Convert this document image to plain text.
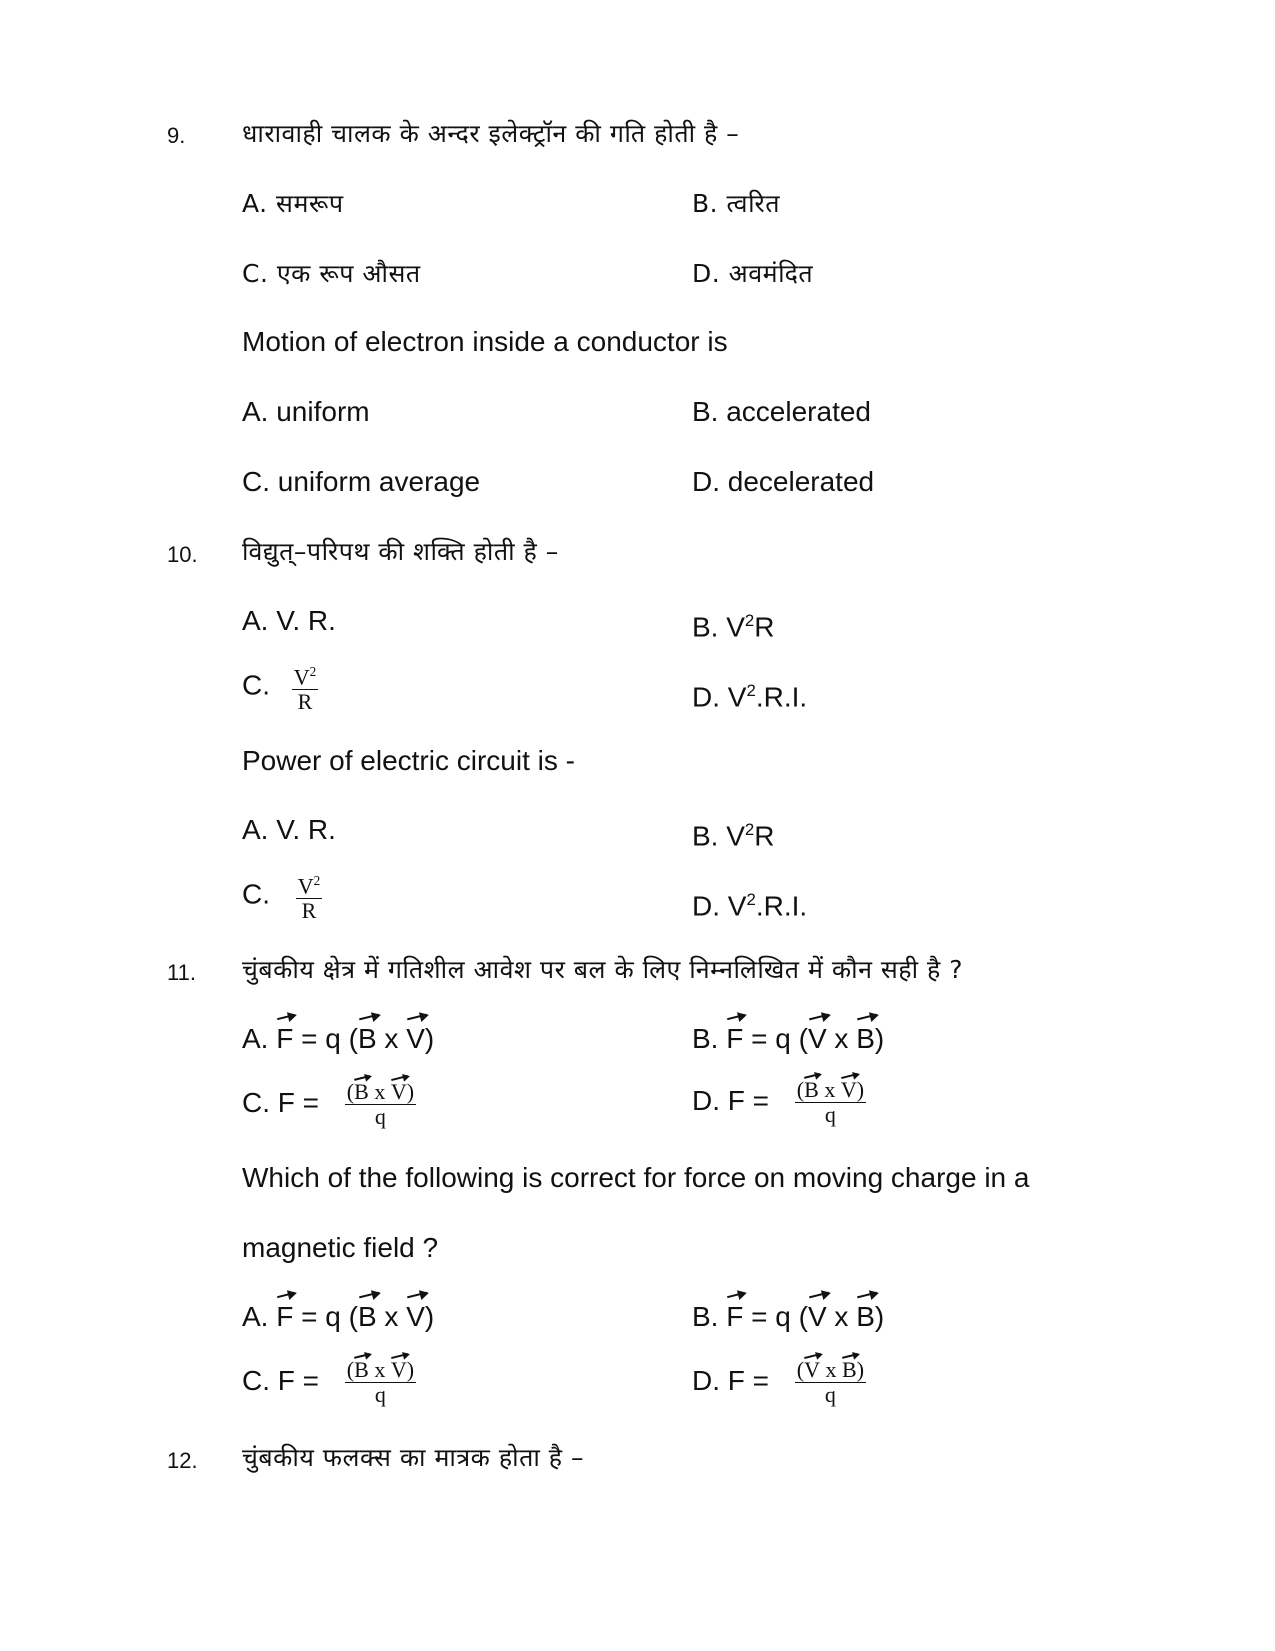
9. धारावाही चालक के अन्दर इलेक्ट्रॉन की गति होती है –
A. समरूप	B. त्वरित
C. एक रूप औसत	D. अवमंदित
Motion of electron inside a conductor is
A. uniform	B. accelerated
C. uniform average	D. decelerated
10. विद्युत्–परिपथ की शक्ति होती है –
A. V. R.	B. $V^2R$
C. $\frac{V^2}{R}$	D. $V^2.R.I$.
Power of electric circuit is -
A. V. R.	B. $V^2R$
C. $\frac{V^2}{R}$	D. $V^2.R.I$.
11. चुंबकीय क्षेत्र में गतिशील आवेश पर बल के लिए निम्नलिखित में कौन सही है ?
A. F = q (B x V)	B. F = q (V x B)
C. $F = \frac{\text{(B x V)}}{q}$	D. $F = \frac{\text{(B x V)}}{q}$
Which of the following is correct for force on moving charge in a
magnetic field ?
A. F = q (B x V)	B. F = q (V x B)
C. $F = \frac{\text{(B x V)}}{q}$	D. $F = \frac{\text{(V x B)}}{q}$
12. चुंबकीय फलक्स का मात्रक होता है –
